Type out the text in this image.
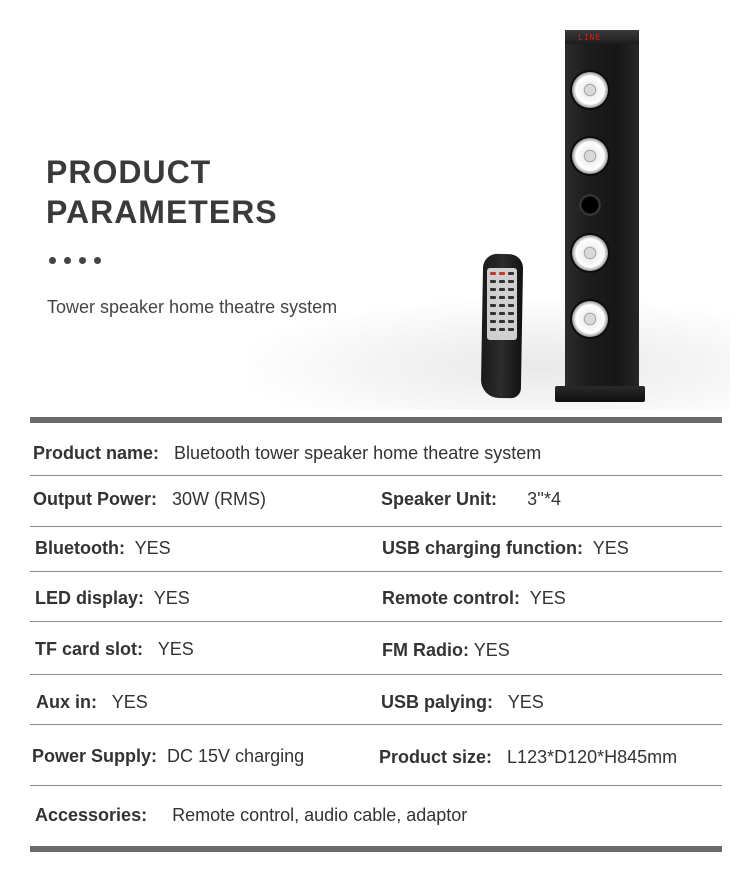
PRODUCT
PARAMETERS
Tower speaker home theatre system
LINE
Product name: Bluetooth tower speaker home theatre system
Output Power: 30W (RMS)	Speaker Unit: 3''*4
Bluetooth: YES	USB charging function: YES
LED display: YES	Remote control: YES
TF card slot: YES	FM Radio: YES
Aux in: YES	USB palying: YES
Power Supply: DC 15V charging	Product size: L123*D120*H845mm
Accessories: Remote control, audio cable, adaptor
